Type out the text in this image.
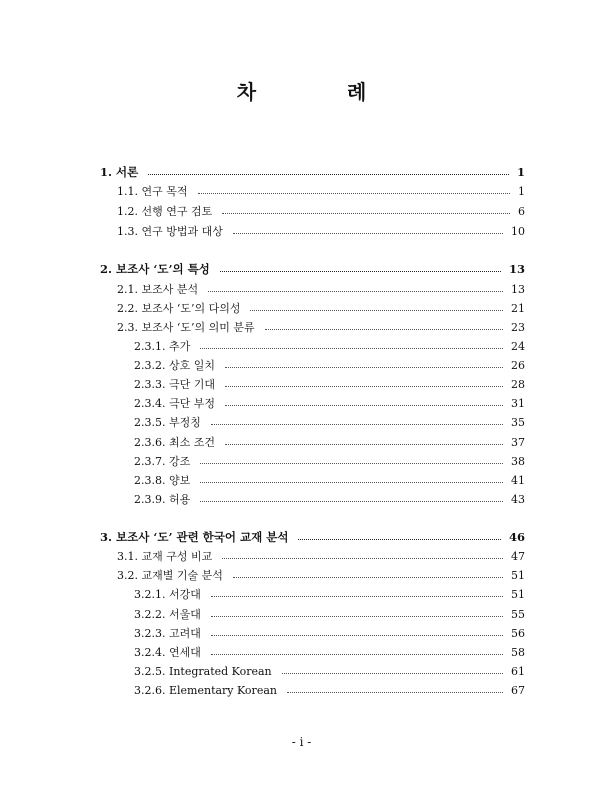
차 례
1. 서론	1
1.1. 연구 목적	1
1.2. 선행 연구 검토	6
1.3. 연구 방법과 대상	10
2. 보조사 ‘도’의 특성	13
2.1. 보조사 분석	13
2.2. 보조사 ‘도’의 다의성	21
2.3. 보조사 ‘도’의 의미 분류	23
2.3.1. 추가	24
2.3.2. 상호 일치	26
2.3.3. 극단 기대	28
2.3.4. 극단 부정	31
2.3.5. 부정칭	35
2.3.6. 최소 조건	37
2.3.7. 강조	38
2.3.8. 양보	41
2.3.9. 허용	43
3. 보조사 ‘도’ 관련 한국어 교재 분석	46
3.1. 교재 구성 비교	47
3.2. 교재별 기술 분석	51
3.2.1. 서강대	51
3.2.2. 서울대	55
3.2.3. 고려대	56
3.2.4. 연세대	58
3.2.5. Integrated Korean	61
3.2.6. Elementary Korean	67
- i -
